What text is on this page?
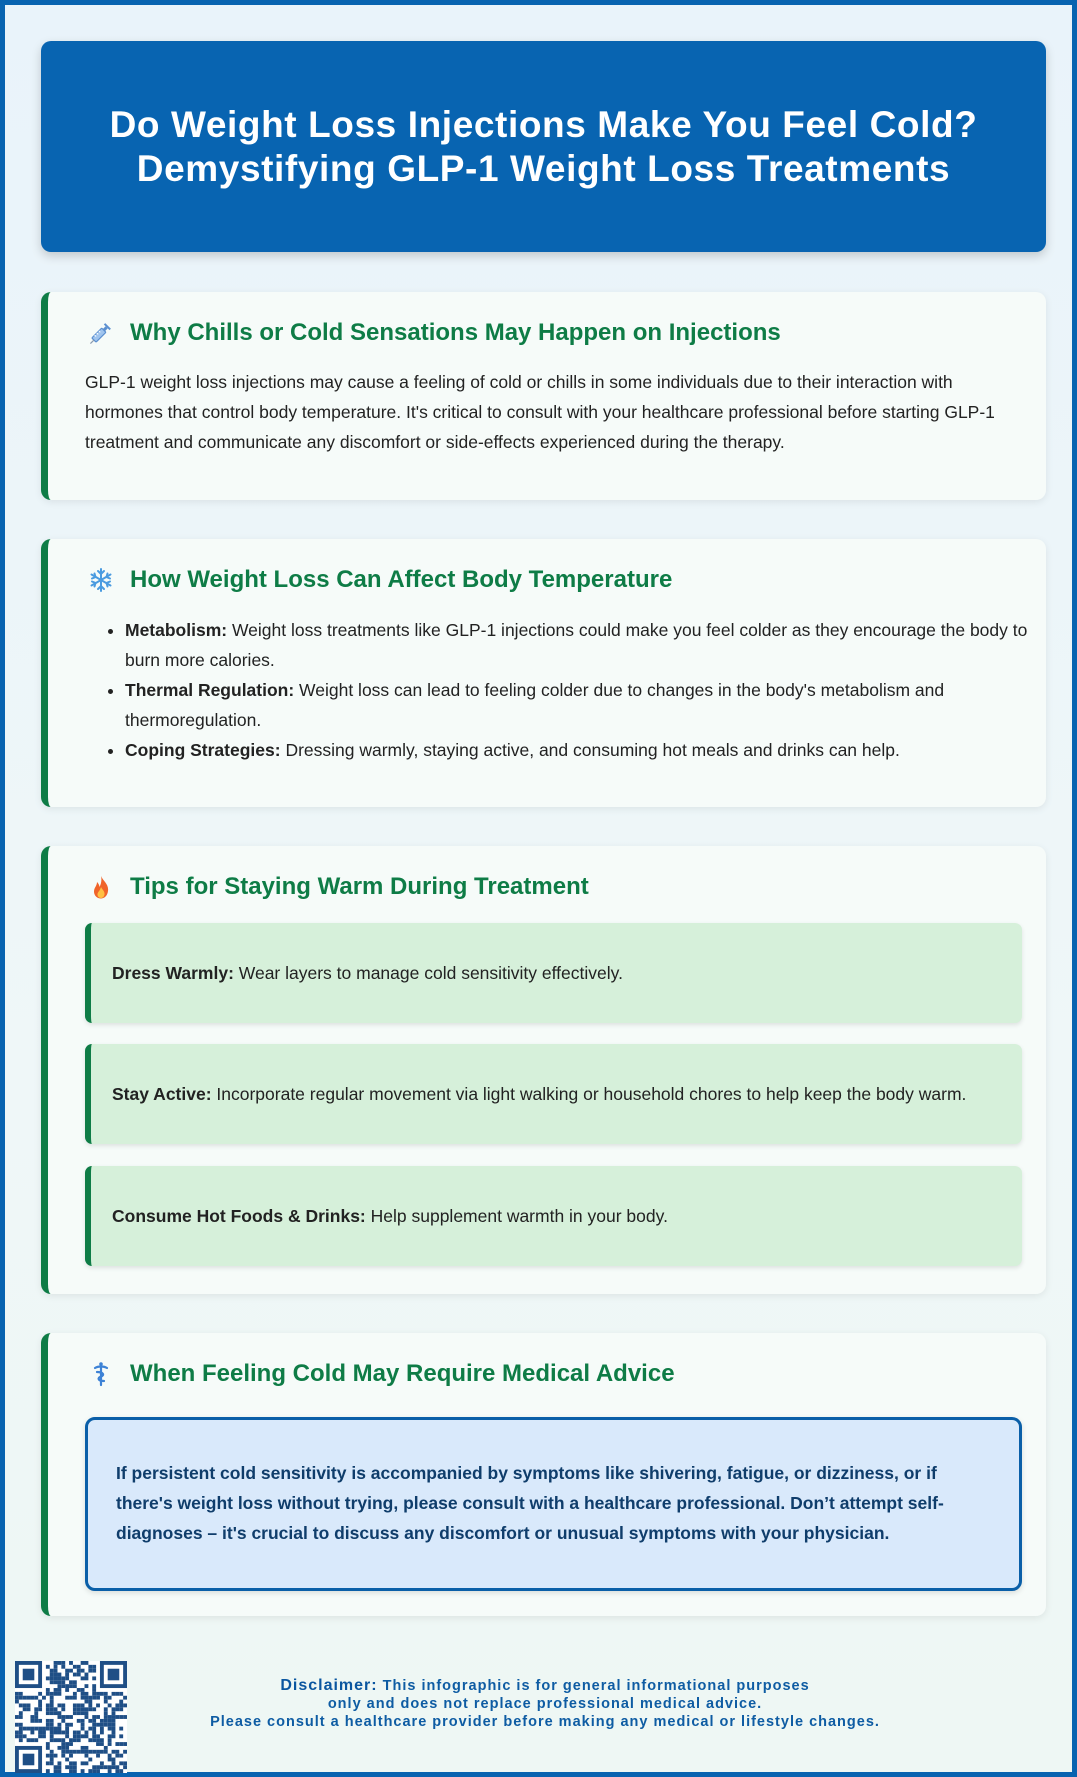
Do Weight Loss Injections Make You Feel Cold?
Demystifying GLP-1 Weight Loss Treatments
Why Chills or Cold Sensations May Happen on Injections

GLP-1 weight loss injections may cause a feeling of cold or chills in some individuals due to their interaction with hormones that control body temperature. It's critical to consult with your healthcare professional before starting GLP-1 treatment and communicate any discomfort or side-effects experienced during the therapy.

How Weight Loss Can Affect Body Temperature
• Metabolism: Weight loss treatments like GLP-1 injections could make you feel colder as they encourage the body to burn more calories.
• Thermal Regulation: Weight loss can lead to feeling colder due to changes in the body's metabolism and thermoregulation.
• Coping Strategies: Dressing warmly, staying active, and consuming hot meals and drinks can help.
Tips for Staying Warm During Treatment
Dress Warmly: Wear layers to manage cold sensitivity effectively.
Stay Active: Incorporate regular movement via light walking or household chores to help keep the body warm.
Consume Hot Foods & Drinks: Help supplement warmth in your body.
When Feeling Cold May Require Medical Advice
If persistent cold sensitivity is accompanied by symptoms like shivering, fatigue, or dizziness, or if there's weight loss without trying, please consult with a healthcare professional. Don’t attempt self-diagnoses – it's crucial to discuss any discomfort or unusual symptoms with your physician.
Disclaimer: This infographic is for general informational purposes
only and does not replace professional medical advice.
Please consult a healthcare provider before making any medical or lifestyle changes.
